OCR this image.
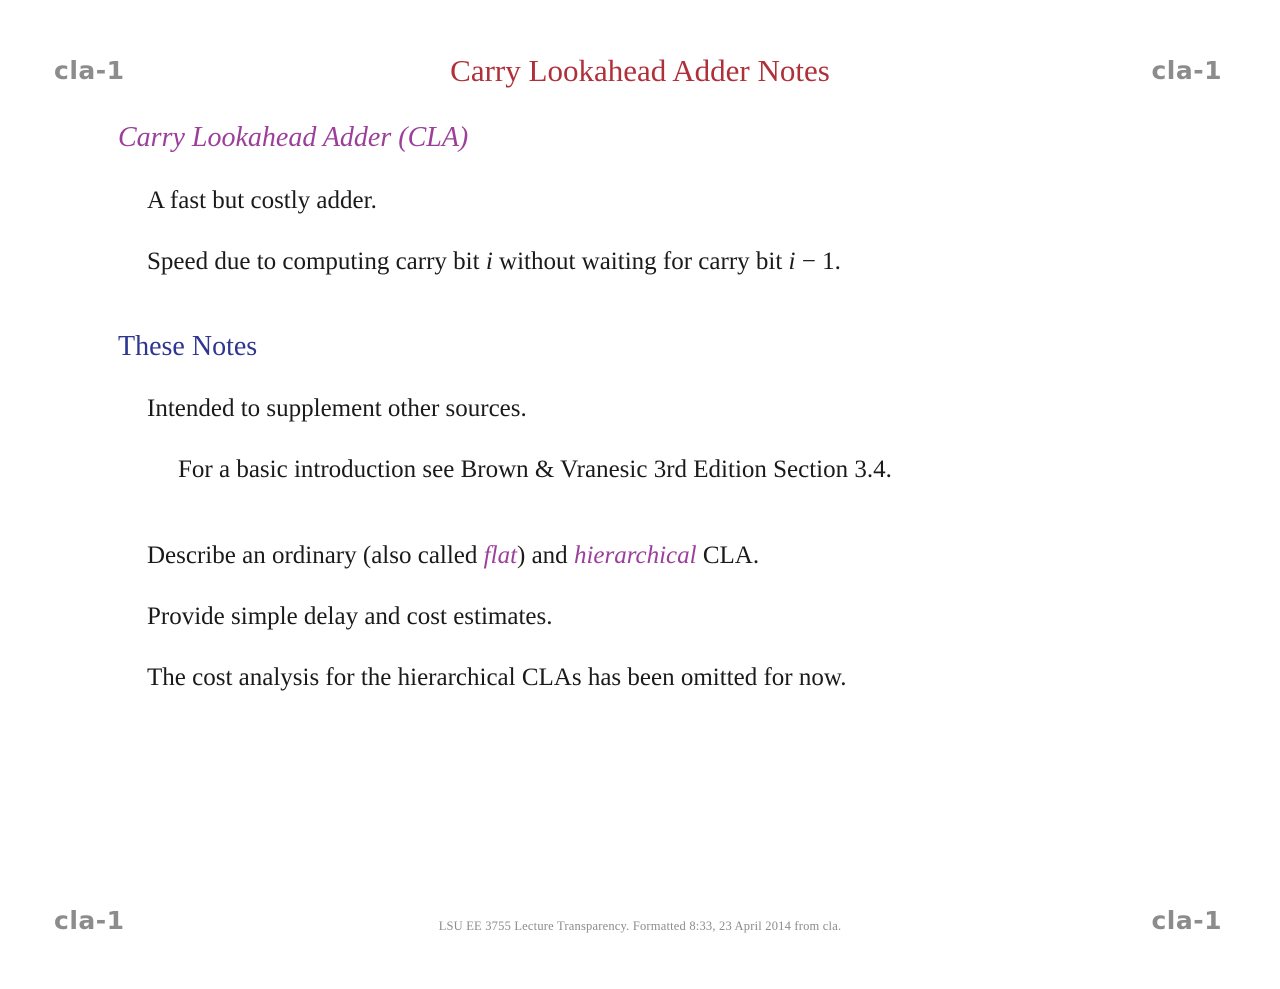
cla-1	cla-1
Carry Lookahead Adder Notes
Carry Lookahead Adder (CLA)
A fast but costly adder.
Speed due to computing carry bit i without waiting for carry bit i − 1.
These Notes
Intended to supplement other sources.
For a basic introduction see Brown & Vranesic 3rd Edition Section 3.4.
Describe an ordinary (also called flat) and hierarchical CLA.
Provide simple delay and cost estimates.
The cost analysis for the hierarchical CLAs has been omitted for now.
cla-1	LSU EE 3755 Lecture Transparency. Formatted 8:33, 23 April 2014 from cla.	cla-1
